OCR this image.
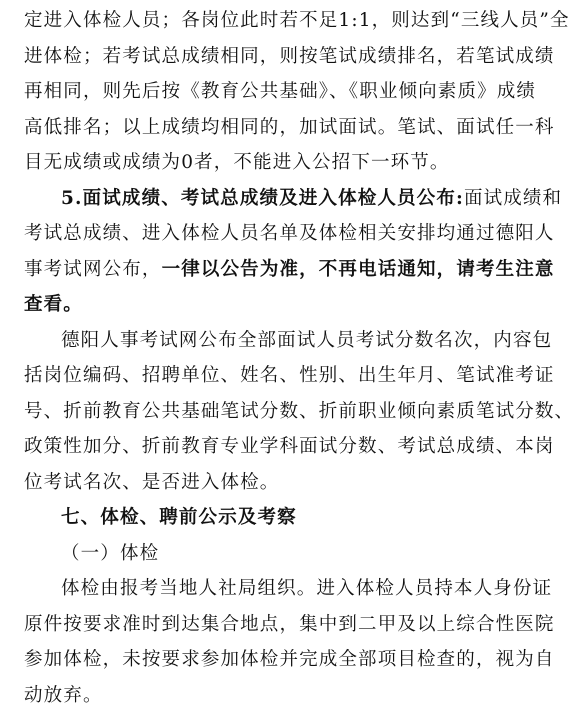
定进入体检人员；各岗位此时若不足1:1，则达到“三线人员”全
进体检；若考试总成绩相同，则按笔试成绩排名，若笔试成绩
再相同，则先后按《教育公共基础》、《职业倾向素质》成绩
高低排名；以上成绩均相同的，加试面试。笔试、面试任一科
目无成绩或成绩为0者，不能进入公招下一环节。
5.面试成绩、考试总成绩及进入体检人员公布:面试成绩和
考试总成绩、进入体检人员名单及体检相关安排均通过德阳人
事考试网公布，一律以公告为准，不再电话通知，请考生注意
查看。
德阳人事考试网公布全部面试人员考试分数名次，内容包
括岗位编码、招聘单位、姓名、性别、出生年月、笔试准考证
号、折前教育公共基础笔试分数、折前职业倾向素质笔试分数、
政策性加分、折前教育专业学科面试分数、考试总成绩、本岗
位考试名次、是否进入体检。
七、体检、聘前公示及考察
（一）体检
体检由报考当地人社局组织。进入体检人员持本人身份证
原件按要求准时到达集合地点，集中到二甲及以上综合性医院
参加体检，未按要求参加体检并完成全部项目检查的，视为自
动放弃。
